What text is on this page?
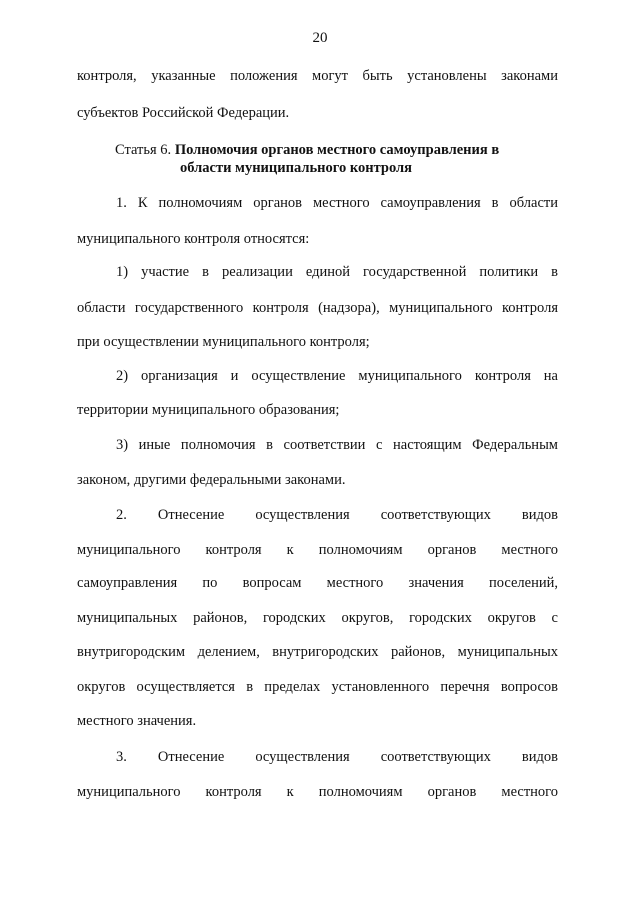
20
контроля, указанные положения могут быть установлены законами
субъектов Российской Федерации.
Статья 6. Полномочия органов местного самоуправления в
области муниципального контроля
1. К полномочиям органов местного самоуправления в области
муниципального контроля относятся:
1) участие в реализации единой государственной политики в
области государственного контроля (надзора), муниципального контроля
при осуществлении муниципального контроля;
2) организация и осуществление муниципального контроля на
территории муниципального образования;
3) иные полномочия в соответствии с настоящим Федеральным
законом, другими федеральными законами.
2. Отнесение осуществления соответствующих видов
муниципального контроля к полномочиям органов местного
самоуправления по вопросам местного значения поселений,
муниципальных районов, городских округов, городских округов с
внутригородским делением, внутригородских районов, муниципальных
округов осуществляется в пределах установленного перечня вопросов
местного значения.
3. Отнесение осуществления соответствующих видов
муниципального контроля к полномочиям органов местного
